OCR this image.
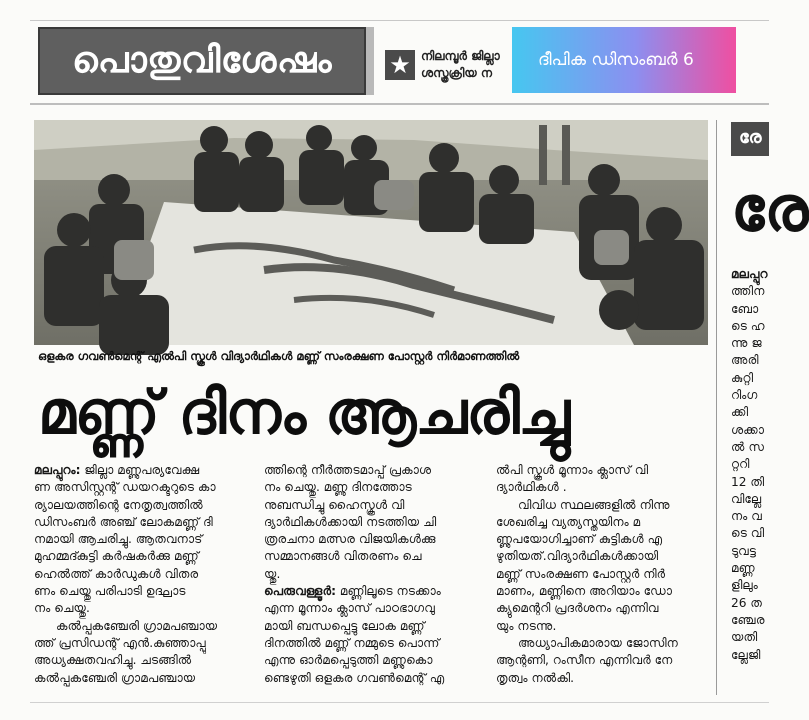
പൊതുവിശേഷം	★ നിലമ്പൂർ ജില്ലാ
ശസ്ത്രക്രിയ ന
ദീപിക ഡിസംബർ 6
ഒളകര ഗവൺമെന്റ് എൽപി സ്കൂൾ വിദ്യാർഥികൾ മണ്ണ് സംരക്ഷണ പോസ്റ്റർ നിർമാണത്തിൽ
മണ്ണ് ദിനം ആചരിച്ചു

മലപ്പുറം: ജില്ലാ മണ്ണുപര്യവേക്ഷ
ണ അസിസ്റ്റന്റ് ഡയറക്ടറുടെ കാ
ര്യാലയത്തിന്റെ നേതൃത്വത്തിൽ
ഡിസംബർ അഞ്ച് ലോകമണ്ണ് ദി
നമായി ആചരിച്ചു. ആതവനാട്
മുഹമ്മദ്കുട്ടി കർഷകർക്കു മണ്ണ്
ഹെൽത്ത് കാർഡുകൾ വിതര
ണം ചെയ്തു പരിപാടി ഉദ്ഘാട
നം ചെയ്തു.

കൽപ്പകഞ്ചേരി ഗ്രാമപഞ്ചായ
ത്ത് പ്രസിഡന്റ് എൻ.കുഞ്ഞാപ്പു
അധ്യക്ഷതവഹിച്ചു. ചടങ്ങിൽ
കൽപ്പകഞ്ചേരി ഗ്രാമപഞ്ചായ

ത്തിന്റെ നീർത്തടമാപ്പ് പ്രകാശ
നം ചെയ്തു. മണ്ണു ദിനത്തോട
നുബന്ധിച്ചു ഹൈസ്കൂൾ വി
ദ്യാർഥികൾക്കായി നടത്തിയ ചി
ത്രരചനാ മത്സര വിജയികൾക്കു
സമ്മാനങ്ങൾ വിതരണം ചെ
യ്തു.

പെരുവള്ളൂർ: മണ്ണിലൂടെ നടക്കാം
എന്ന മൂന്നാം ക്ലാസ് പാഠഭാഗവു
മായി ബന്ധപ്പെട്ടു ലോക മണ്ണ്
ദിനത്തിൽ മണ്ണ് നമ്മുടെ പൊന്ന്
എന്നു ഓർമപ്പെടുത്തി മണ്ണുകൊ
ണ്ടെഴുതി ഒളകര ഗവൺമെന്റ് എ

ൽപി സ്കൂൾ മൂന്നാം ക്ലാസ് വി
ദ്യാർഥികൾ .

വിവിധ സ്ഥലങ്ങളിൽ നിന്നു
ശേഖരിച്ച വ്യത്യസ്തയിനം മ
ണ്ണുപയോഗിച്ചാണ് കുട്ടികൾ എ
ഴുതിയത്.വിദ്യാർഥികൾക്കായി
മണ്ണ് സംരക്ഷണ പോസ്റ്റർ നിർ
മാണം, മണ്ണിനെ അറിയാം ഡോ
ക്യുമെന്ററി പ്രദർശനം എന്നിവ
യും നടന്നു.

അധ്യാപികമാരായ ജോസിന
ആന്റണി, റംസീന എന്നിവർ നേ
തൃത്വം നൽകി.

രേ
രേ
മലപ്പുറ
ത്തിന
ബോ
ടെ ഹ
ന്നു ജ
അരി
കുറ്റി
റിംഗ
ക്കി
ശക്കാ
ൽ സ
റ്ററി
12 തി
വില്ലേ
നം വ
ടെ വി
ടുവട്ട
മണ്ണ
ളിലും
26 ത
ഞ്ചേര
യതി
ല്ലേജി
